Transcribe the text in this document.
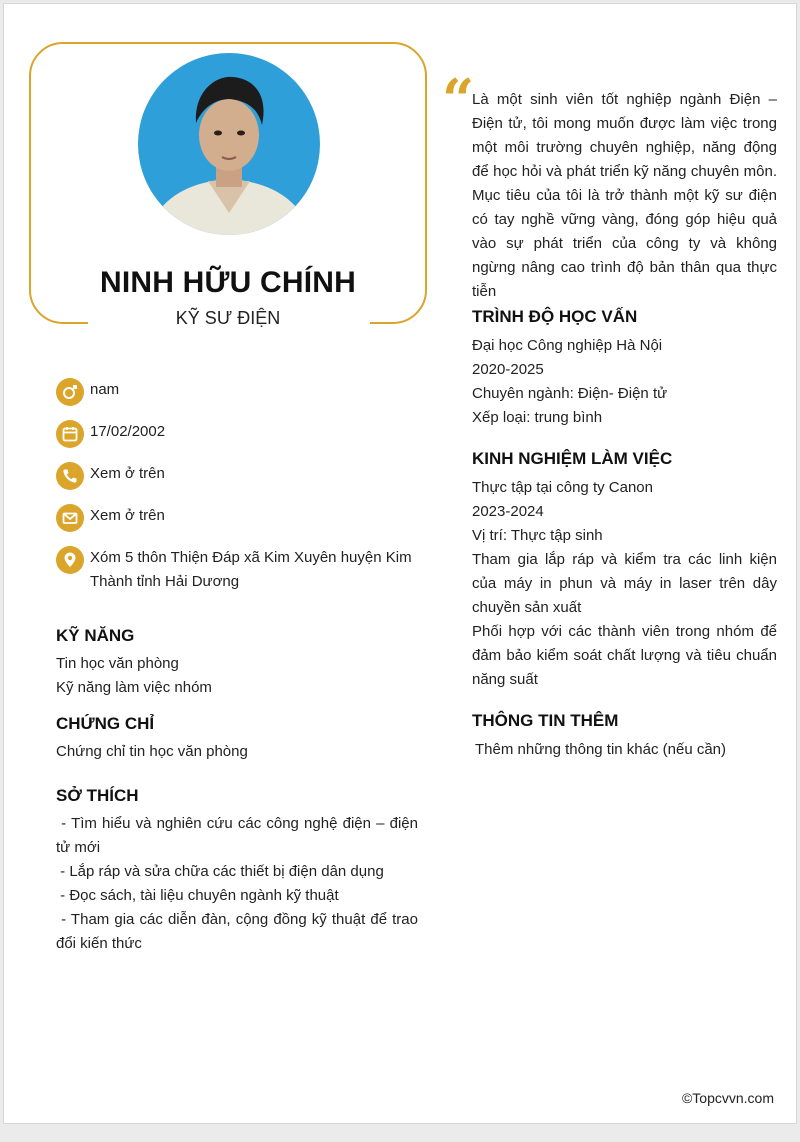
NINH HỮU CHÍNH
KỸ SƯ ĐIỆN
nam
17/02/2002
Xem ở trên
Xem ở trên
Xóm 5 thôn Thiện Đáp xã Kim Xuyên huyện Kim Thành tỉnh Hải Dương
KỸ NĂNG
Tin học văn phòng
Kỹ năng làm việc nhóm
CHỨNG CHỈ
Chứng chỉ tin học văn phòng
SỞ THÍCH
- Tìm hiểu và nghiên cứu các công nghệ điện – điện tử mới
- Lắp ráp và sửa chữa các thiết bị điện dân dụng
- Đọc sách, tài liệu chuyên ngành kỹ thuật
- Tham gia các diễn đàn, cộng đồng kỹ thuật để trao đổi kiến thức
“
Là một sinh viên tốt nghiệp ngành Điện – Điện tử, tôi mong muốn được làm việc trong một môi trường chuyên nghiệp, năng động để học hỏi và phát triển kỹ năng chuyên môn. Mục tiêu của tôi là trở thành một kỹ sư điện có tay nghề vững vàng, đóng góp hiệu quả vào sự phát triển của công ty và không ngừng nâng cao trình độ bản thân qua thực tiễn
TRÌNH ĐỘ HỌC VẤN
Đại học Công nghiệp Hà Nội
2020-2025
Chuyên ngành: Điện- Điện tử
Xếp loại: trung bình
KINH NGHIỆM LÀM VIỆC
Thực tập tại công ty Canon
2023-2024
Vị trí: Thực tập sinh
Tham gia lắp ráp và kiểm tra các linh kiện của máy in phun và máy in laser trên dây chuyền sản xuất
Phối hợp với các thành viên trong nhóm để đảm bảo kiểm soát chất lượng và tiêu chuẩn năng suất
THÔNG TIN THÊM
Thêm những thông tin khác (nếu cần)
©Topcvvn.com
